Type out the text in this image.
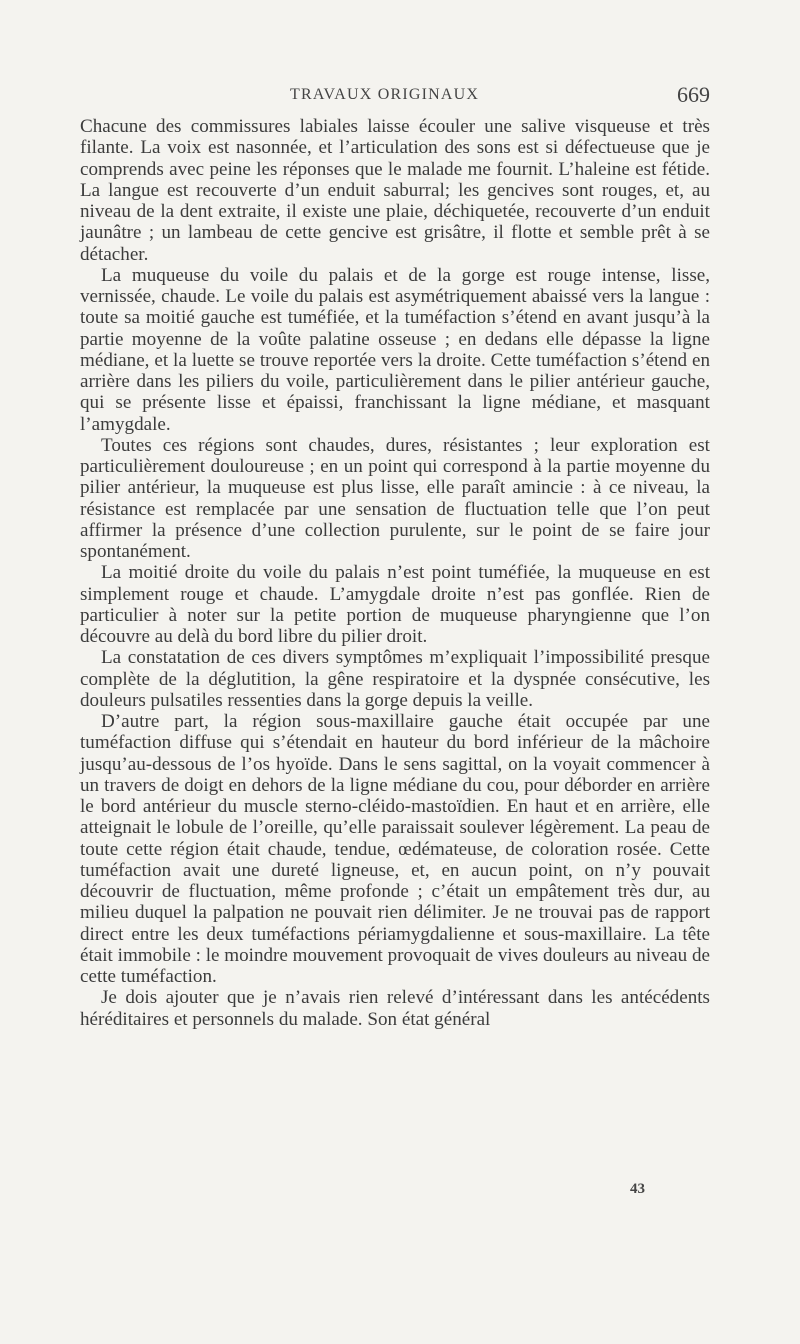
TRAVAUX ORIGINAUX	669

Chacune des commissures labiales laisse écouler une salive visqueuse et très filante. La voix est nasonnée, et l’articulation des sons est si défectueuse que je comprends avec peine les réponses que le malade me fournit. L’haleine est fétide. La langue est recouverte d’un enduit saburral; les gencives sont rouges, et, au niveau de la dent extraite, il existe une plaie, déchiquetée, recouverte d’un enduit jaunâtre ; un lambeau de cette gencive est grisâtre, il flotte et semble prêt à se détacher.

La muqueuse du voile du palais et de la gorge est rouge intense, lisse, vernissée, chaude. Le voile du palais est asymétriquement abaissé vers la langue : toute sa moitié gauche est tuméfiée, et la tuméfaction s’étend en avant jusqu’à la partie moyenne de la voûte palatine osseuse ; en dedans elle dépasse la ligne médiane, et la luette se trouve reportée vers la droite. Cette tuméfaction s’étend en arrière dans les piliers du voile, particulièrement dans le pilier antérieur gauche, qui se présente lisse et épaissi, franchissant la ligne médiane, et masquant l’amygdale.

Toutes ces régions sont chaudes, dures, résistantes ; leur exploration est particulièrement douloureuse ; en un point qui correspond à la partie moyenne du pilier antérieur, la muqueuse est plus lisse, elle paraît amincie : à ce niveau, la résistance est remplacée par une sensation de fluctuation telle que l’on peut affirmer la présence d’une collection purulente, sur le point de se faire jour spontanément.

La moitié droite du voile du palais n’est point tuméfiée, la muqueuse en est simplement rouge et chaude. L’amygdale droite n’est pas gonflée. Rien de particulier à noter sur la petite portion de muqueuse pharyngienne que l’on découvre au delà du bord libre du pilier droit.

La constatation de ces divers symptômes m’expliquait l’impossibilité presque complète de la déglutition, la gêne respiratoire et la dyspnée consécutive, les douleurs pulsatiles ressenties dans la gorge depuis la veille.

D’autre part, la région sous-maxillaire gauche était occupée par une tuméfaction diffuse qui s’étendait en hauteur du bord inférieur de la mâchoire jusqu’au-dessous de l’os hyoïde. Dans le sens sagittal, on la voyait commencer à un travers de doigt en dehors de la ligne médiane du cou, pour déborder en arrière le bord antérieur du muscle sterno-cléido-mastoïdien. En haut et en arrière, elle atteignait le lobule de l’oreille, qu’elle paraissait soulever légèrement. La peau de toute cette région était chaude, tendue, œdémateuse, de coloration rosée. Cette tuméfaction avait une dureté ligneuse, et, en aucun point, on n’y pouvait découvrir de fluctuation, même profonde ; c’était un empâtement très dur, au milieu duquel la palpation ne pouvait rien délimiter. Je ne trouvai pas de rapport direct entre les deux tuméfactions périamygdalienne et sous-maxillaire. La tête était immobile : le moindre mouvement provoquait de vives douleurs au niveau de cette tuméfaction.

Je dois ajouter que je n’avais rien relevé d’intéressant dans les antécédents héréditaires et personnels du malade. Son état général

43
